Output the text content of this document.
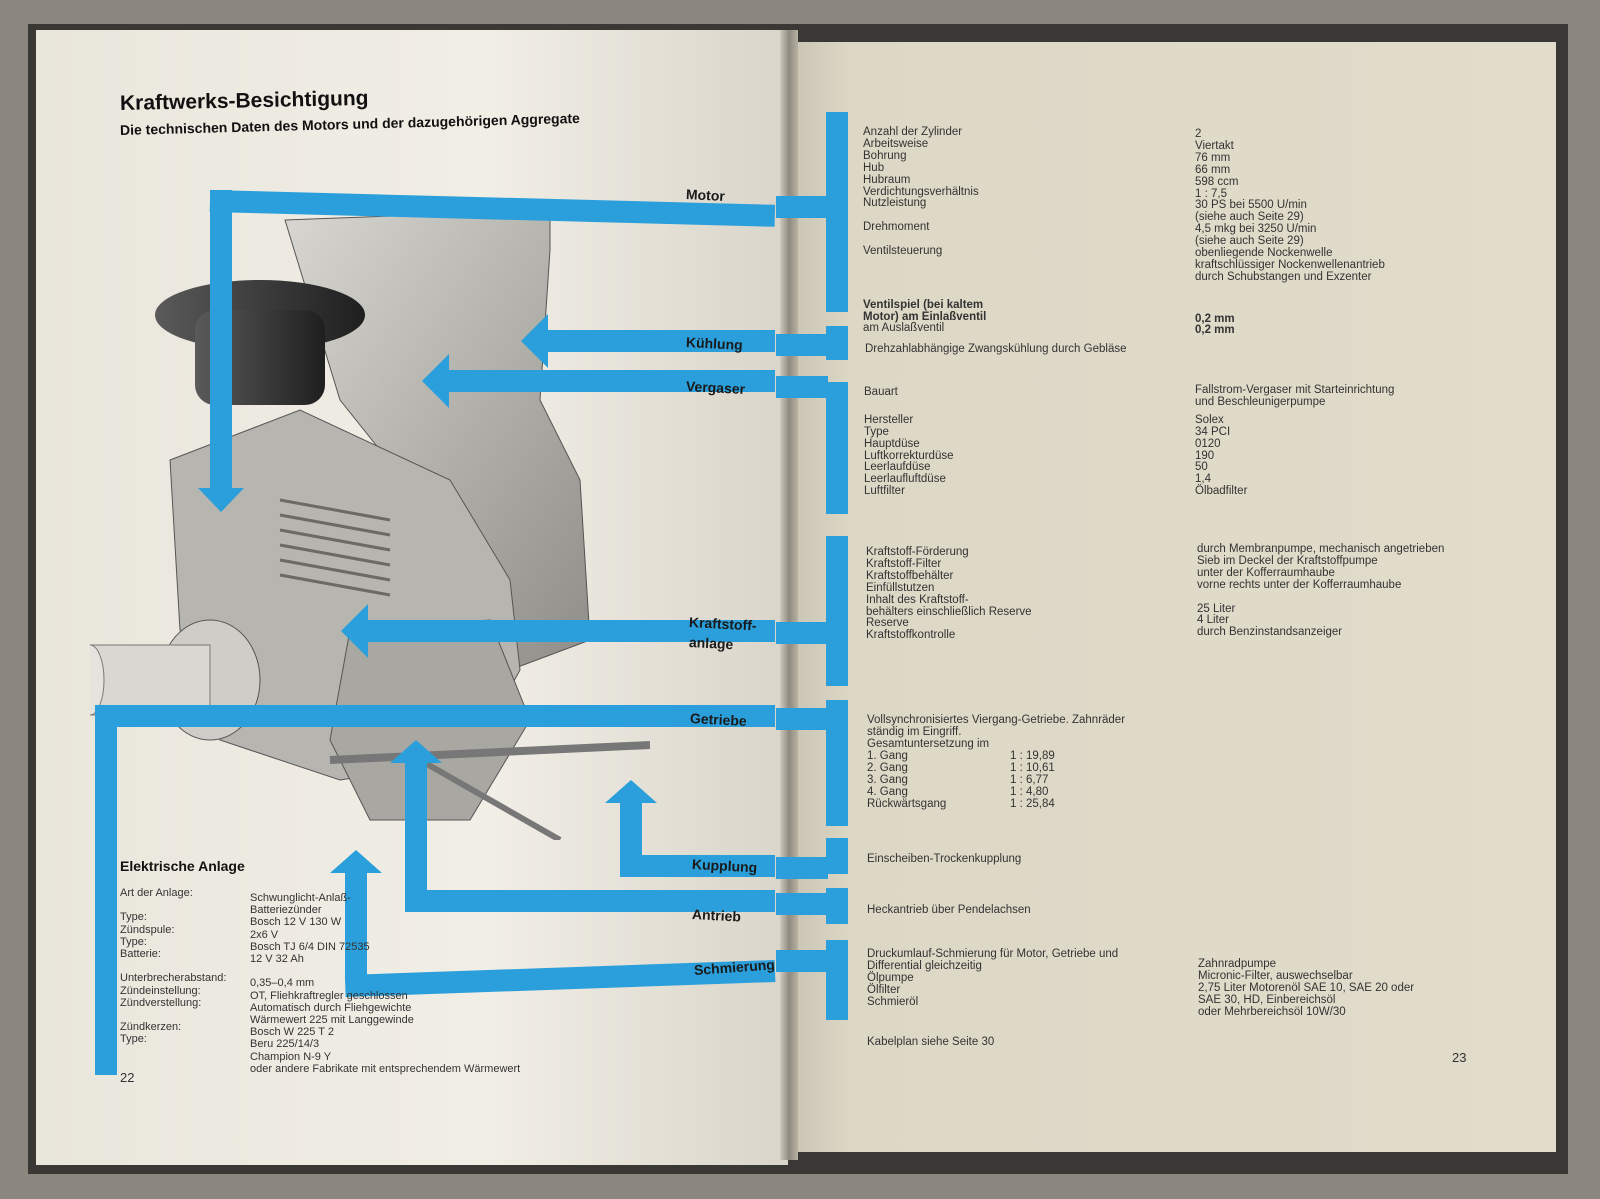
Kraftwerks-Besichtigung
Die technischen Daten des Motors und der dazugehörigen Aggregate
Motor
Kühlung
Vergaser
Kraftstoff-
anlage
Getriebe
Kupplung
Antrieb
Schmierung
Elektrische Anlage
Art der Anlage:
Type:
Zündspule:
Type:
Batterie:
Unterbrecherabstand:
Zündeinstellung:
Zündverstellung:
Zündkerzen:
Type:
Schwunglicht-Anlaß-
Batteriezünder
Bosch 12 V 130 W
2x6 V
Bosch TJ 6/4 DIN 72535
12 V 32 Ah
0,35–0,4 mm
OT, Fliehkraftregler geschlossen
Automatisch durch Fliehgewichte
Wärmewert 225 mit Langgewinde
Bosch W 225 T 2
Beru 225/14/3
Champion N-9 Y
oder andere Fabrikate mit entsprechendem Wärmewert
22
Anzahl der Zylinder
Arbeitsweise
Bohrung
Hub
Hubraum
Verdichtungsverhältnis
Nutzleistung
Drehmoment
Ventilsteuerung
Ventilspiel (bei kaltem
Motor) am Einlaßventil
am Auslaßventil
2
Viertakt
76 mm
66 mm
598 ccm
1 : 7,5
30 PS bei 5500 U/min
(siehe auch Seite 29)
4,5 mkg bei 3250 U/min
(siehe auch Seite 29)
obenliegende Nockenwelle
kraftschlüssiger Nockenwellenantrieb
durch Schubstangen und Exzenter
0,2 mm
0,2 mm
Drehzahlabhängige Zwangskühlung durch Gebläse
Bauart
Hersteller
Type
Hauptdüse
Luftkorrekturdüse
Leerlaufdüse
Leerlaufluftdüse
Luftfilter
Fallstrom-Vergaser mit Starteinrichtung
und Beschleunigerpumpe
Solex
34 PCI
0120
190
50
1,4
Ölbadfilter
Kraftstoff-Förderung
Kraftstoff-Filter
Kraftstoffbehälter
Einfüllstutzen
Inhalt des Kraftstoff-
behälters einschließlich Reserve
Reserve
Kraftstoffkontrolle
durch Membranpumpe, mechanisch angetrieben
Sieb im Deckel der Kraftstoffpumpe
unter der Kofferraumhaube
vorne rechts unter der Kofferraumhaube
25 Liter
4 Liter
durch Benzinstandsanzeiger
Vollsynchronisiertes Viergang-Getriebe. Zahnräder
ständig im Eingriff.
Gesamtuntersetzung im
1. Gang
2. Gang
3. Gang
4. Gang
Rückwärtsgang
1 : 19,89
1 : 10,61
1 : 6,77
1 : 4,80
1 : 25,84
Einscheiben-Trockenkupplung
Heckantrieb über Pendelachsen
Druckumlauf-Schmierung für Motor, Getriebe und
Differential gleichzeitig
Ölpumpe
Ölfilter
Schmieröl
Zahnradpumpe
Micronic-Filter, auswechselbar
2,75 Liter Motorenöl SAE 10, SAE 20 oder
SAE 30, HD, Einbereichsöl
oder Mehrbereichsöl 10W/30
Kabelplan siehe Seite 30
23
